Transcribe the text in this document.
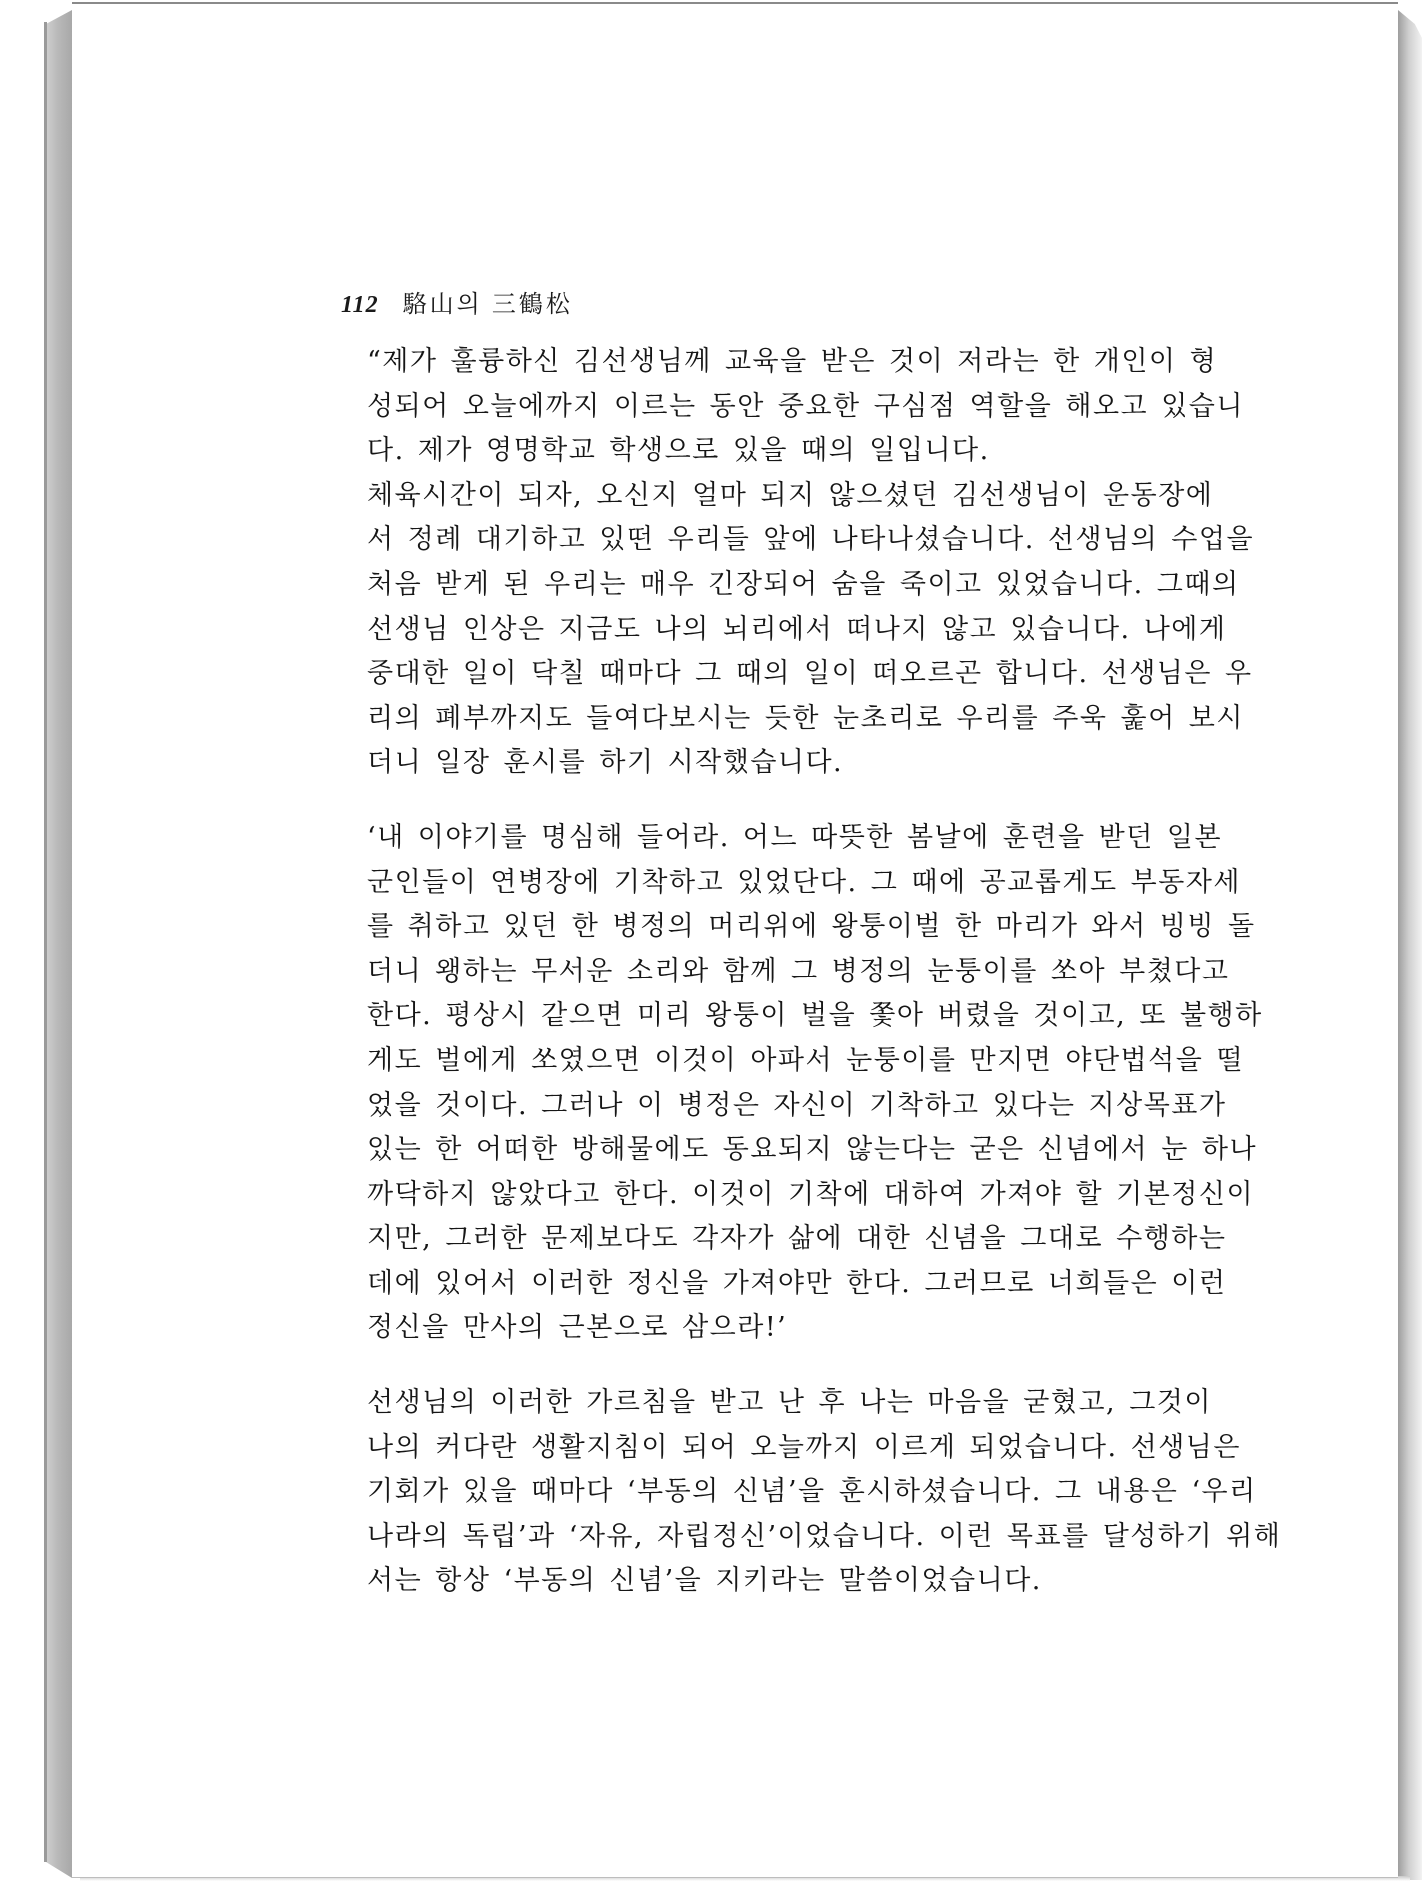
112 駱山의 三鶴松

“제가 훌륭하신 김선생님께 교육을 받은 것이 저라는 한 개인이 형
성되어 오늘에까지 이르는 동안 중요한 구심점 역할을 해오고 있습니
다. 제가 영명학교 학생으로 있을 때의 일입니다.

체육시간이 되자, 오신지 얼마 되지 않으셨던 김선생님이 운동장에
서 정례 대기하고 있떤 우리들 앞에 나타나셨습니다. 선생님의 수업을
처음 받게 된 우리는 매우 긴장되어 숨을 죽이고 있었습니다. 그때의
선생님 인상은 지금도 나의 뇌리에서 떠나지 않고 있습니다. 나에게
중대한 일이 닥칠 때마다 그 때의 일이 떠오르곤 합니다. 선생님은 우
리의 폐부까지도 들여다보시는 듯한 눈초리로 우리를 주욱 훑어 보시
더니 일장 훈시를 하기 시작했습니다.

‘내 이야기를 명심해 들어라. 어느 따뜻한 봄날에 훈련을 받던 일본
군인들이 연병장에 기착하고 있었단다. 그 때에 공교롭게도 부동자세
를 취하고 있던 한 병정의 머리위에 왕퉁이벌 한 마리가 와서 빙빙 돌
더니 왱하는 무서운 소리와 함께 그 병정의 눈퉁이를 쏘아 부쳤다고
한다. 평상시 같으면 미리 왕퉁이 벌을 쫓아 버렸을 것이고, 또 불행하
게도 벌에게 쏘였으면 이것이 아파서 눈퉁이를 만지면 야단법석을 떨
었을 것이다. 그러나 이 병정은 자신이 기착하고 있다는 지상목표가
있는 한 어떠한 방해물에도 동요되지 않는다는 굳은 신념에서 눈 하나
까닥하지 않았다고 한다. 이것이 기착에 대하여 가져야 할 기본정신이
지만, 그러한 문제보다도 각자가 삶에 대한 신념을 그대로 수행하는
데에 있어서 이러한 정신을 가져야만 한다. 그러므로 너희들은 이런
정신을 만사의 근본으로 삼으라!’

선생님의 이러한 가르침을 받고 난 후 나는 마음을 굳혔고, 그것이
나의 커다란 생활지침이 되어 오늘까지 이르게 되었습니다. 선생님은
기회가 있을 때마다 ‘부동의 신념’을 훈시하셨습니다. 그 내용은 ‘우리
나라의 독립’과 ‘자유, 자립정신’이었습니다. 이런 목표를 달성하기 위해
서는 항상 ‘부동의 신념’을 지키라는 말씀이었습니다.
